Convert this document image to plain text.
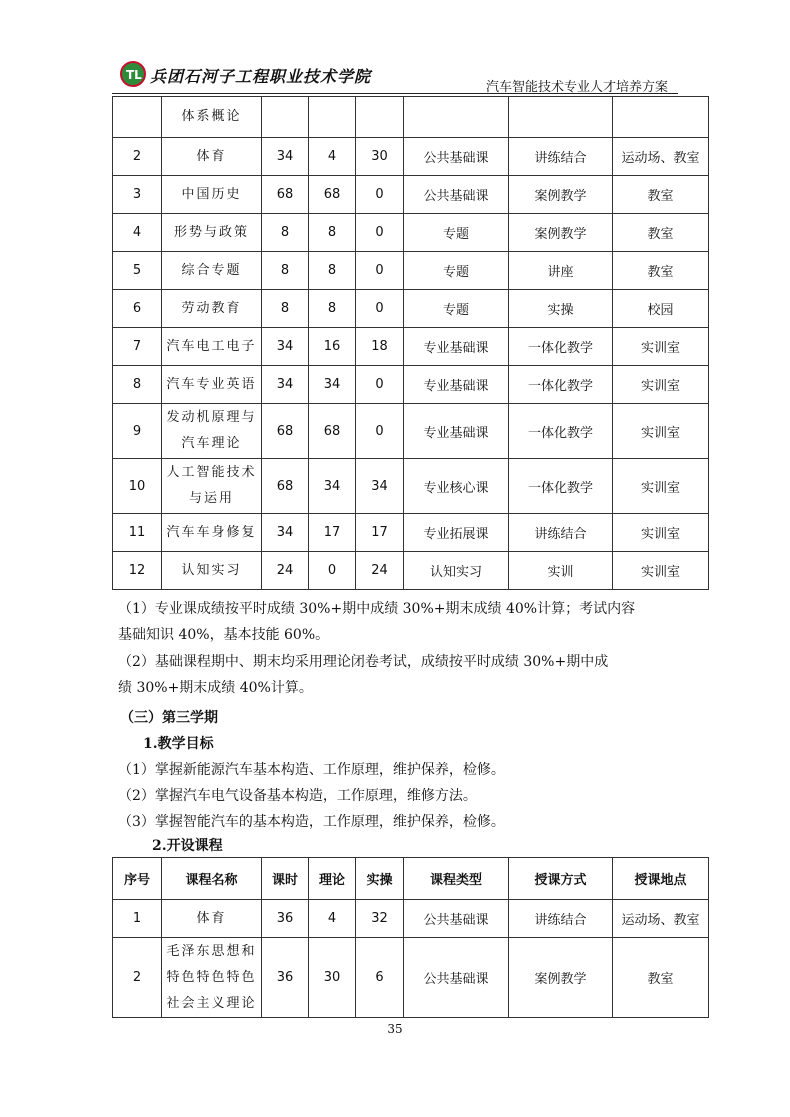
TL 兵团石河子工程职业技术学院
汽车智能技术专业人才培养方案
	体系概论						
2	体育	34	4	30	公共基础课	讲练结合	运动场、教室
3	中国历史	68	68	0	公共基础课	案例教学	教室
4	形势与政策	8	8	0	专题	案例教学	教室
5	综合专题	8	8	0	专题	讲座	教室
6	劳动教育	8	8	0	专题	实操	校园
7	汽车电工电子	34	16	18	专业基础课	一体化教学	实训室
8	汽车专业英语	34	34	0	专业基础课	一体化教学	实训室
9	发动机原理与
汽车理论	68	68	0	专业基础课	一体化教学	实训室
10	人工智能技术
与运用	68	34	34	专业核心课	一体化教学	实训室
11	汽车车身修复	34	17	17	专业拓展课	讲练结合	实训室
12	认知实习	24	0	24	认知实习	实训	实训室
（1）专业课成绩按平时成绩 30%+期中成绩 30%+期末成绩 40%计算；考试内容
基础知识 40%，基本技能 60%。
（2）基础课程期中、期末均采用理论闭卷考试，成绩按平时成绩 30%+期中成
绩 30%+期末成绩 40%计算。
（三）第三学期
1.教学目标
（1）掌握新能源汽车基本构造、工作原理，维护保养，检修。
（2）掌握汽车电气设备基本构造，工作原理，维修方法。
（3）掌握智能汽车的基本构造，工作原理，维护保养，检修。
2.开设课程
序号	课程名称	课时	理论	实操	课程类型	授课方式	授课地点
1	体育	36	4	32	公共基础课	讲练结合	运动场、教室
2	毛泽东思想和
特色特色特色
社会主义理论	36	30	6	公共基础课	案例教学	教室
35
